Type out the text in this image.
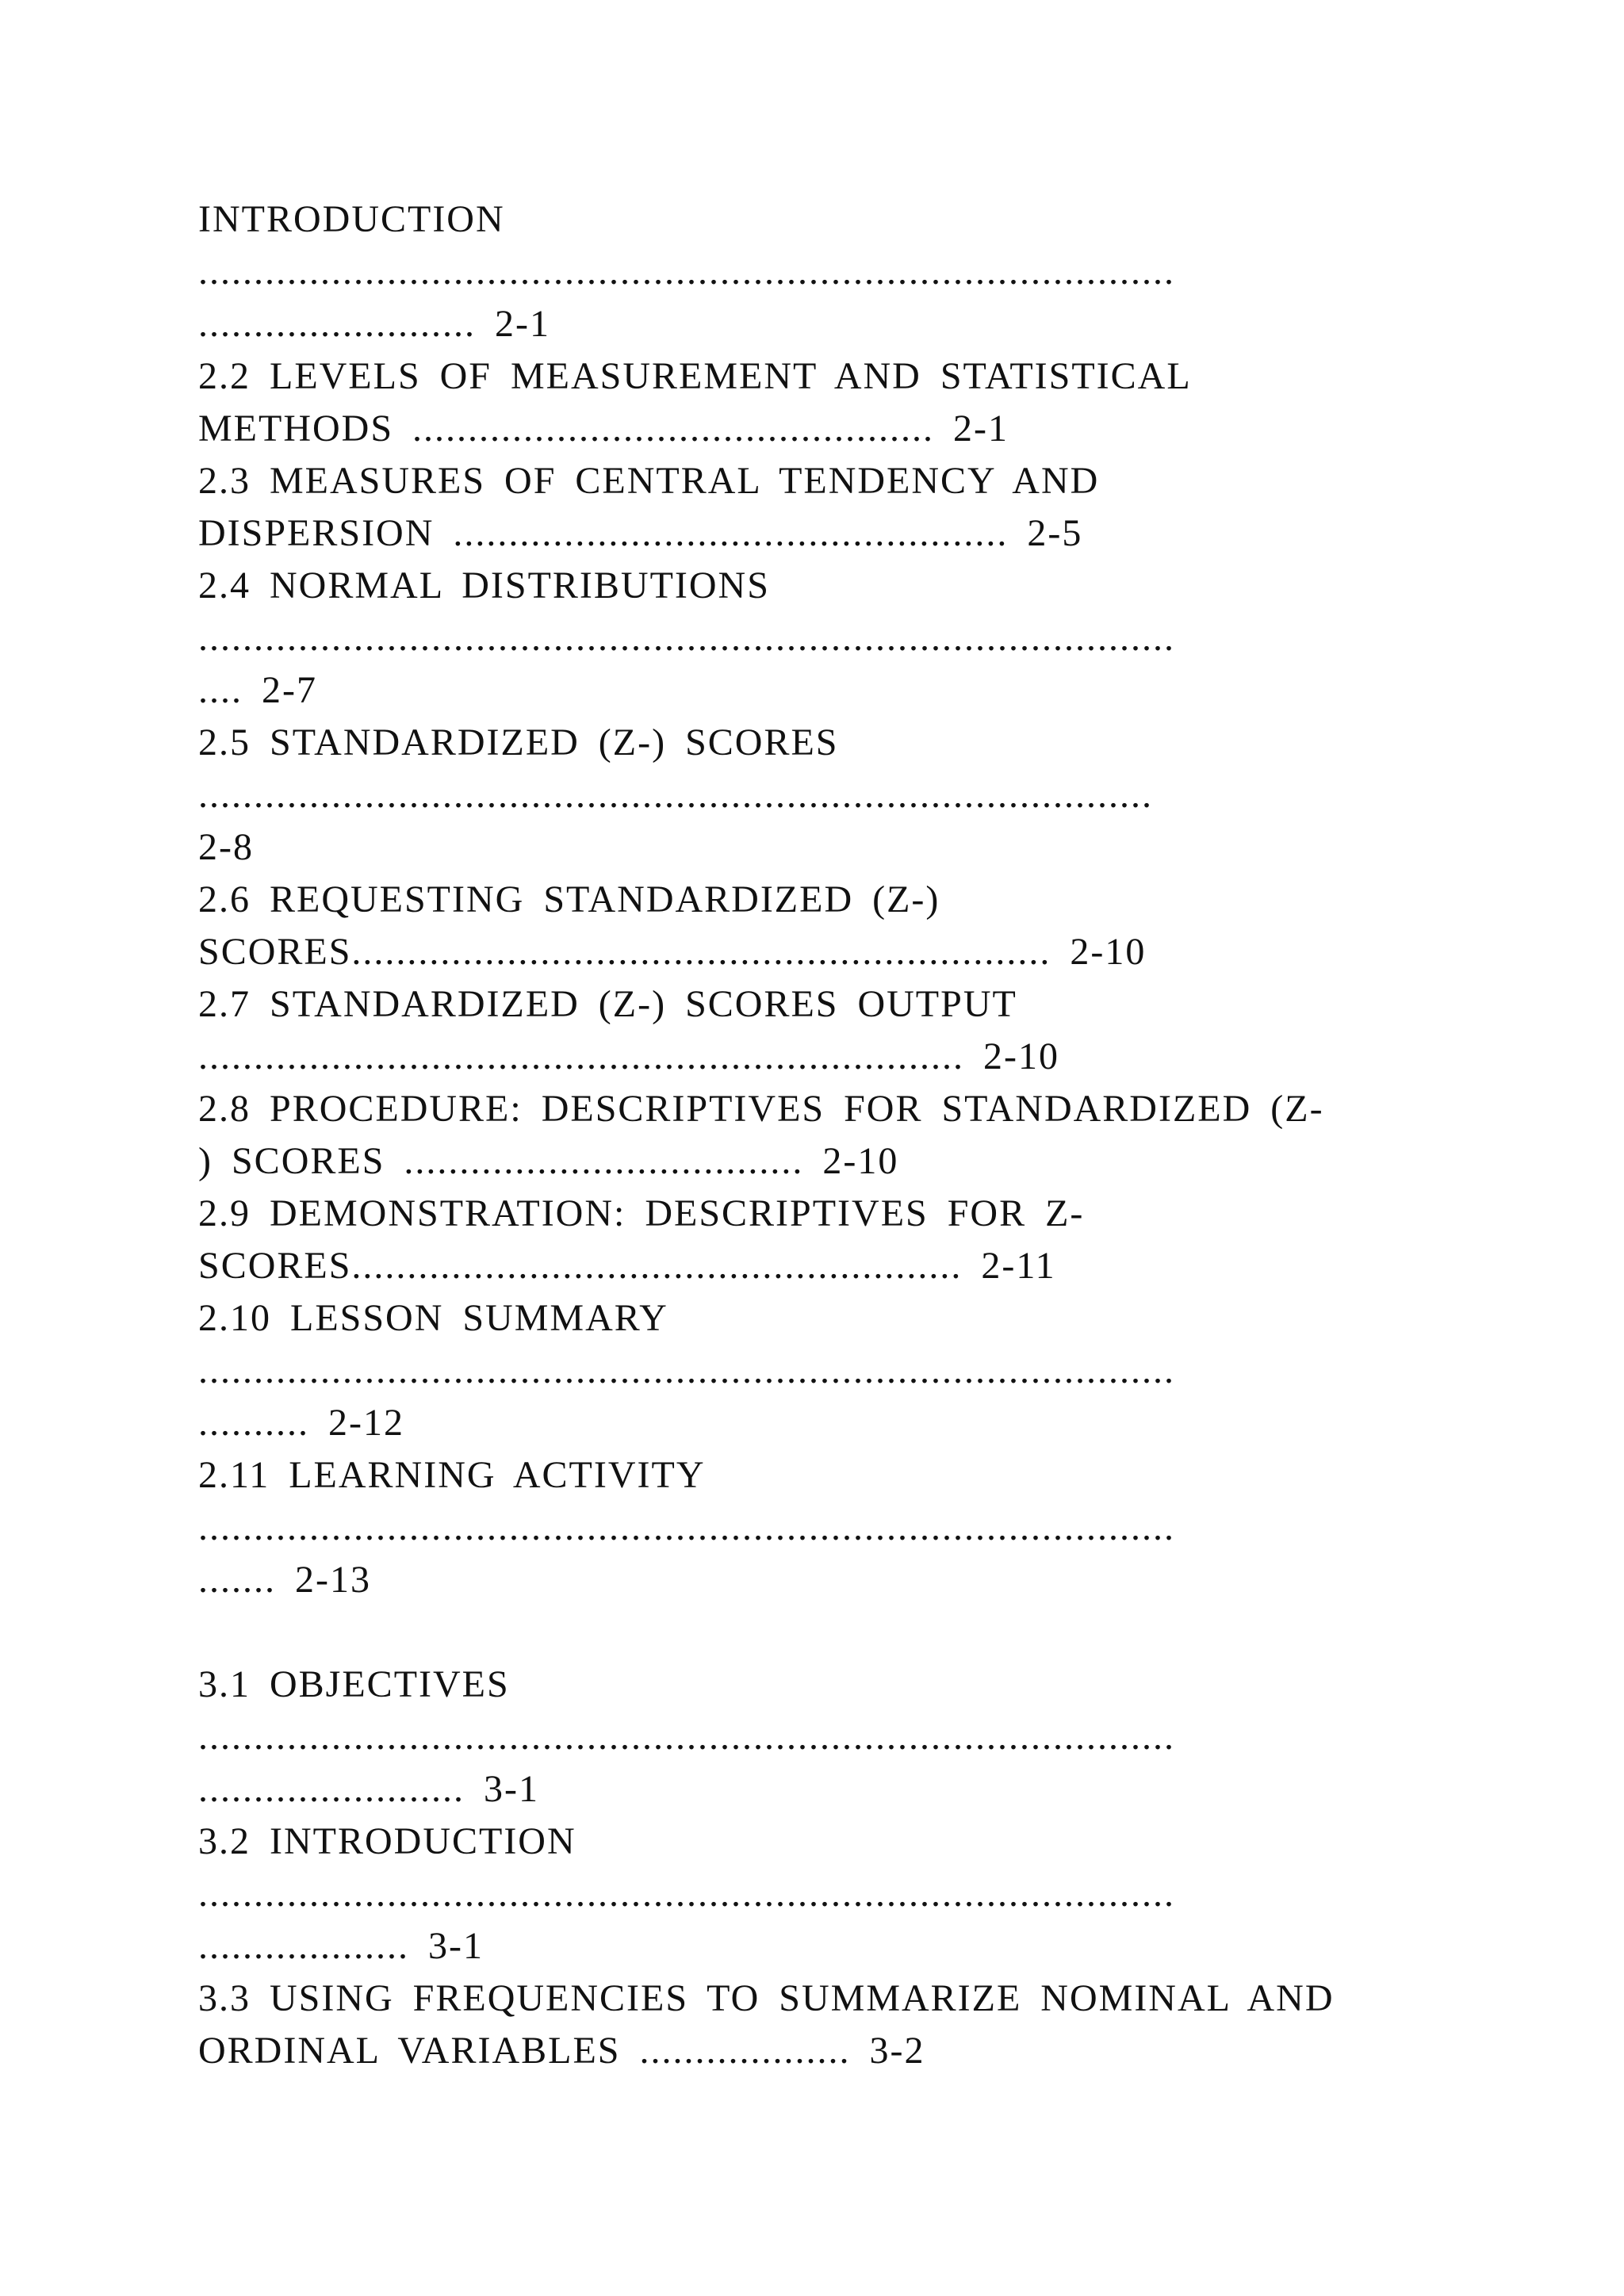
INTRODUCTION
........................................................................................
......................... 2-1
2.2 LEVELS OF MEASUREMENT AND STATISTICAL
METHODS ............................................... 2-1
2.3 MEASURES OF CENTRAL TENDENCY AND
DISPERSION .................................................. 2-5
2.4 NORMAL DISTRIBUTIONS
........................................................................................
.... 2-7
2.5 STANDARDIZED (Z-) SCORES
......................................................................................
2-8
2.6 REQUESTING STANDARDIZED (Z-)
SCORES............................................................... 2-10
2.7 STANDARDIZED (Z-) SCORES OUTPUT
..................................................................... 2-10
2.8 PROCEDURE: DESCRIPTIVES FOR STANDARDIZED (Z-
) SCORES .................................... 2-10
2.9 DEMONSTRATION: DESCRIPTIVES FOR Z-
SCORES....................................................... 2-11
2.10 LESSON SUMMARY
........................................................................................
.......... 2-12
2.11 LEARNING ACTIVITY
........................................................................................
....... 2-13
3.1 OBJECTIVES
........................................................................................
........................ 3-1
3.2 INTRODUCTION
........................................................................................
................... 3-1
3.3 USING FREQUENCIES TO SUMMARIZE NOMINAL AND
ORDINAL VARIABLES ................... 3-2
